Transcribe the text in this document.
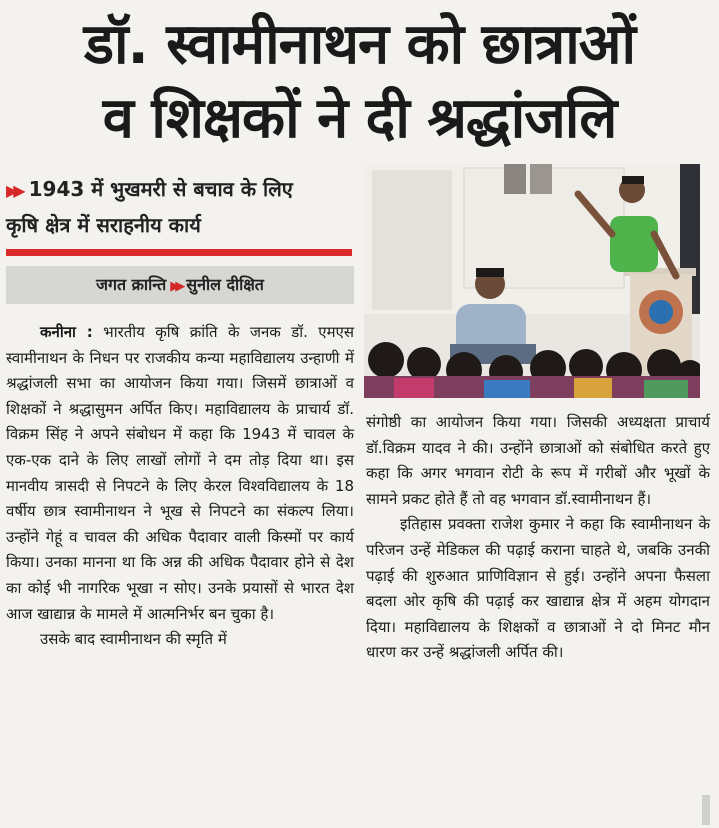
डॉ. स्वामीनाथन को छात्राओं
व शिक्षकों ने दी श्रद्धांजलि
▶▶ 1943 में भुखमरी से बचाव के लिए
कृषि क्षेत्र में सराहनीय कार्य
जगत क्रान्ति ▶▶ सुनील दीक्षित

कनीना : भारतीय कृषि क्रांति के जनक डॉ. एमएस स्वामीनाथन के निधन पर राजकीय कन्या महाविद्यालय उन्हाणी में श्रद्धांजली सभा का आयोजन किया गया। जिसमें छात्राओं व शिक्षकों ने श्रद्धासुमन अर्पित किए। महाविद्यालय के प्राचार्य डॉ. विक्रम सिंह ने अपने संबोधन में कहा कि 1943 में चावल के एक-एक दाने के लिए लाखों लोगों ने दम तोड़ दिया था। इस मानवीय त्रासदी से निपटने के लिए केरल विश्वविद्यालय के 18 वर्षीय छात्र स्वामीनाथन ने भूख से निपटने का संकल्प लिया। उन्होंने गेहूं व चावल की अधिक पैदावार वाली किस्मों पर कार्य किया। उनका मानना था कि अन्न की अधिक पैदावार होने से देश का कोई भी नागरिक भूखा न सोए। उनके प्रयासों से भारत देश आज खाद्यान्न के मामले में आत्मनिर्भर बन चुका है।

उसके बाद स्वामीनाथन की स्मृति में

संगोष्ठी का आयोजन किया गया। जिसकी अध्यक्षता प्राचार्य डॉ.विक्रम यादव ने की। उन्होंने छात्राओं को संबोधित करते हुए कहा कि अगर भगवान रोटी के रूप में गरीबों और भूखों के सामने प्रकट होते हैं तो वह भगवान डॉ.स्वामीनाथन हैं।

इतिहास प्रवक्ता राजेश कुमार ने कहा कि स्वामीनाथन के परिजन उन्हें मेडिकल की पढ़ाई कराना चाहते थे, जबकि उनकी पढ़ाई की शुरुआत प्राणिविज्ञान से हुई। उन्होंने अपना फैसला बदला ओर कृषि की पढ़ाई कर खाद्यान्न क्षेत्र में अहम योगदान दिया। महाविद्यालय के शिक्षकों व छात्राओं ने दो मिनट मौन धारण कर उन्हें श्रद्धांजली अर्पित की।
